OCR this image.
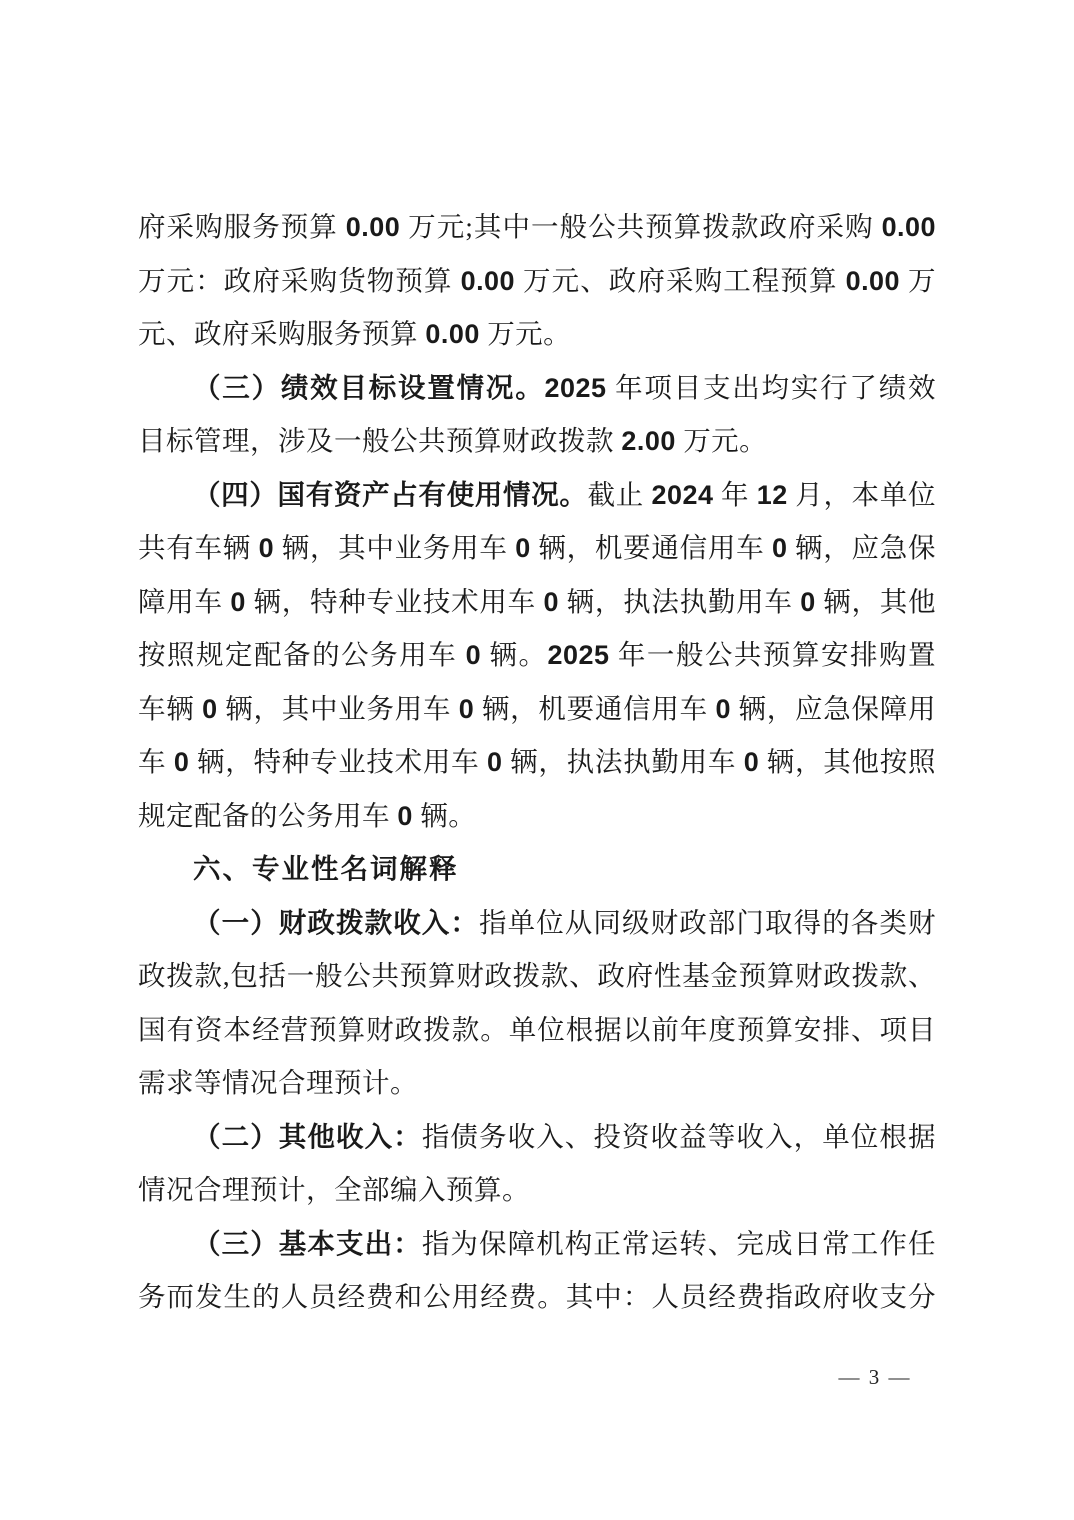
府采购服务预算 0.00 万元;其中一般公共预算拨款政府采购 0.00
万元：政府采购货物预算 0.00 万元、政府采购工程预算 0.00 万
元、政府采购服务预算 0.00 万元。
（三）绩效目标设置情况。2025 年项目支出均实行了绩效
目标管理，涉及一般公共预算财政拨款 2.00 万元。
（四）国有资产占有使用情况。截止 2024 年 12 月，本单位
共有车辆 0 辆，其中业务用车 0 辆，机要通信用车 0 辆，应急保
障用车 0 辆，特种专业技术用车 0 辆，执法执勤用车 0 辆，其他
按照规定配备的公务用车 0 辆。2025 年一般公共预算安排购置
车辆 0 辆，其中业务用车 0 辆，机要通信用车 0 辆，应急保障用
车 0 辆，特种专业技术用车 0 辆，执法执勤用车 0 辆，其他按照
规定配备的公务用车 0 辆。
六、专业性名词解释
（一）财政拨款收入：指单位从同级财政部门取得的各类财
政拨款,包括一般公共预算财政拨款、政府性基金预算财政拨款、
国有资本经营预算财政拨款。单位根据以前年度预算安排、项目
需求等情况合理预计。
（二）其他收入：指债务收入、投资收益等收入，单位根据
情况合理预计，全部编入预算。
（三）基本支出：指为保障机构正常运转、完成日常工作任
务而发生的人员经费和公用经费。其中：人员经费指政府收支分
— 3 —
